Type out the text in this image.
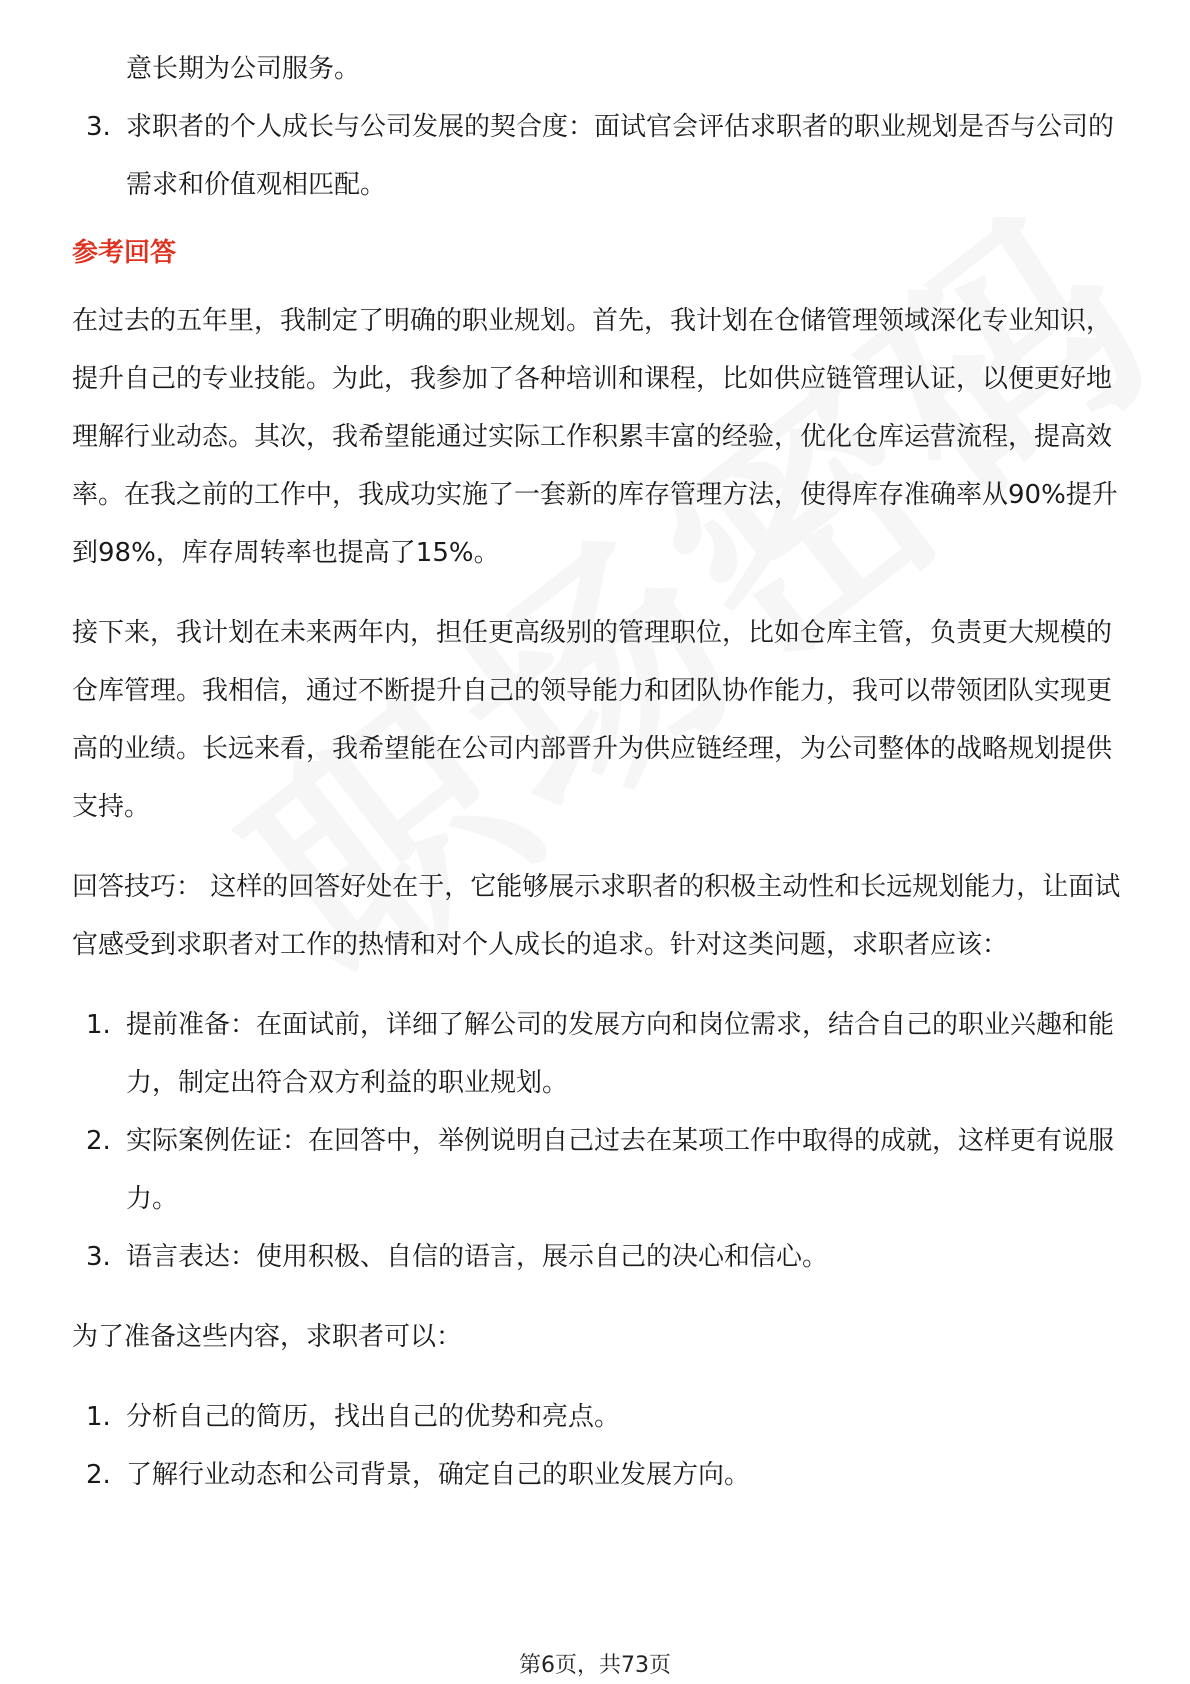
意长期为公司服务。

3. 求职者的个人成长与公司发展的契合度：面试官会评估求职者的职业规划是否与公司的需求和价值观相匹配。

参考回答

在过去的五年里，我制定了明确的职业规划。首先，我计划在仓储管理领域深化专业知识，提升自己的专业技能。为此，我参加了各种培训和课程，比如供应链管理认证，以便更好地理解行业动态。其次，我希望能通过实际工作积累丰富的经验，优化仓库运营流程，提高效率。在我之前的工作中，我成功实施了一套新的库存管理方法，使得库存准确率从90%提升到98%，库存周转率也提高了15%。

接下来，我计划在未来两年内，担任更高级别的管理职位，比如仓库主管，负责更大规模的仓库管理。我相信，通过不断提升自己的领导能力和团队协作能力，我可以带领团队实现更高的业绩。长远来看，我希望能在公司内部晋升为供应链经理，为公司整体的战略规划提供支持。

回答技巧： 这样的回答好处在于，它能够展示求职者的积极主动性和长远规划能力，让面试官感受到求职者对工作的热情和对个人成长的追求。针对这类问题，求职者应该：

1. 提前准备：在面试前，详细了解公司的发展方向和岗位需求，结合自己的职业兴趣和能力，制定出符合双方利益的职业规划。
2. 实际案例佐证：在回答中，举例说明自己过去在某项工作中取得的成就，这样更有说服力。
3. 语言表达：使用积极、自信的语言，展示自己的决心和信心。

为了准备这些内容，求职者可以：

1. 分析自己的简历，找出自己的优势和亮点。
2. 了解行业动态和公司背景，确定自己的职业发展方向。
第6页，共73页
